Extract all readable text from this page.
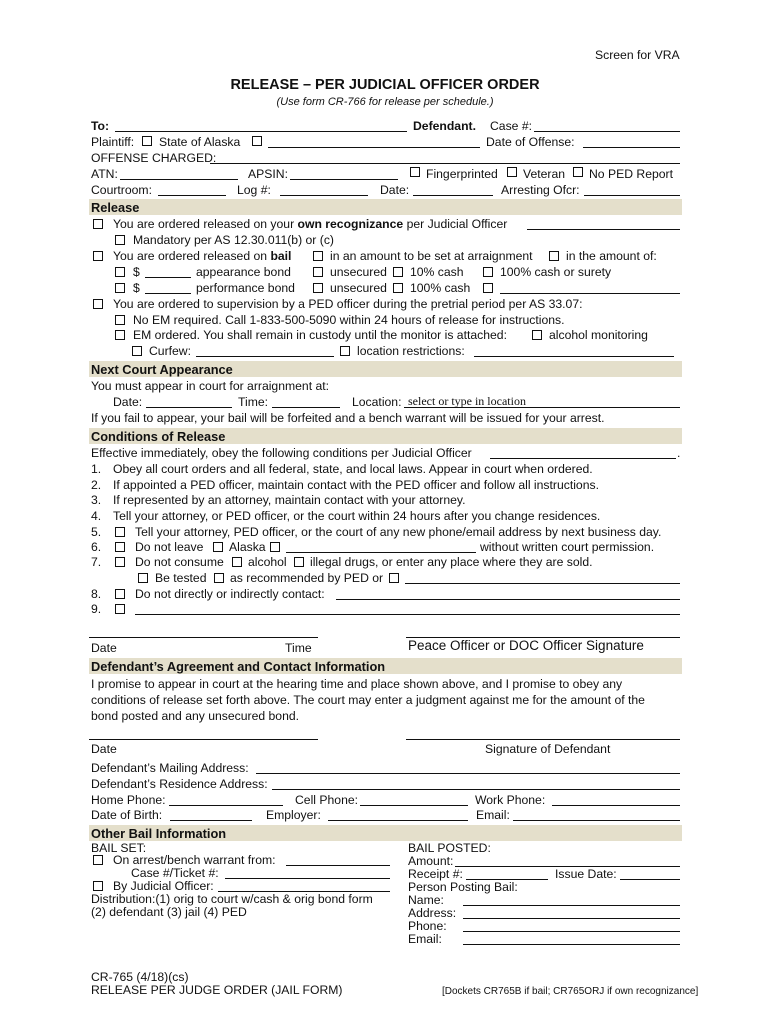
Screen for VRA
RELEASE – PER JUDICIAL OFFICER ORDER
(Use form CR-766 for release per schedule.)
To:	Defendant. Case #:
Plaintiff: State of Alaska	Date of Offense:
OFFENSE CHARGED:
ATN:	APSIN:	Fingerprinted Veteran No PED Report
Courtroom:	Log #:	Date:	Arresting Ofcr:
Release
You are ordered released on your own recognizance per Judicial Officer
Mandatory per AS 12.30.011(b) or (c)
You are ordered released on bail	in an amount to be set at arraignment	in the amount of:
$	appearance bond	unsecured 10% cash	100% cash or surety
$	performance bond	unsecured 100% cash
You are ordered to supervision by a PED officer during the pretrial period per AS 33.07:
No EM required. Call 1-833-500-5090 within 24 hours of release for instructions.
EM ordered. You shall remain in custody until the monitor is attached:	alcohol monitoring
Curfew:	location restrictions:
Next Court Appearance
You must appear in court for arraignment at:
Date:	Time:	Location: select or type in location
If you fail to appear, your bail will be forfeited and a bench warrant will be issued for your arrest.
Conditions of Release
Effective immediately, obey the following conditions per Judicial Officer	.
1. Obey all court orders and all federal, state, and local laws. Appear in court when ordered.
2. If appointed a PED officer, maintain contact with the PED officer and follow all instructions.
3. If represented by an attorney, maintain contact with your attorney.
4. Tell your attorney, or PED officer, or the court within 24 hours after you change residences.
5.	Tell your attorney, PED officer, or the court of any new phone/email address by next business day.
6.	Do not leave Alaska	without written court permission.
7.	Do not consume alcohol illegal drugs, or enter any place where they are sold.
Be tested as recommended by PED or
8.	Do not directly or indirectly contact:
9.
Date	Time	Peace Officer or DOC Officer Signature
Defendant’s Agreement and Contact Information
I promise to appear in court at the hearing time and place shown above, and I promise to obey any
conditions of release set forth above. The court may enter a judgment against me for the amount of the
bond posted and any unsecured bond.
Date	Signature of Defendant
Defendant’s Mailing Address:
Defendant’s Residence Address:
Home Phone:	Cell Phone:	Work Phone:
Date of Birth:	Employer:	Email:
Other Bail Information
BAIL SET:
On arrest/bench warrant from:
Case #/Ticket #:
By Judicial Officer:
Distribution:(1) orig to court w/cash & orig bond form
(2) defendant (3) jail (4) PED
BAIL POSTED:
Amount:
Receipt #:	Issue Date:
Person Posting Bail:
Name:
Address:
Phone:
Email:
CR-765 (4/18)(cs)
RELEASE PER JUDGE ORDER (JAIL FORM)	[Dockets CR765B if bail; CR765ORJ if own recognizance]
